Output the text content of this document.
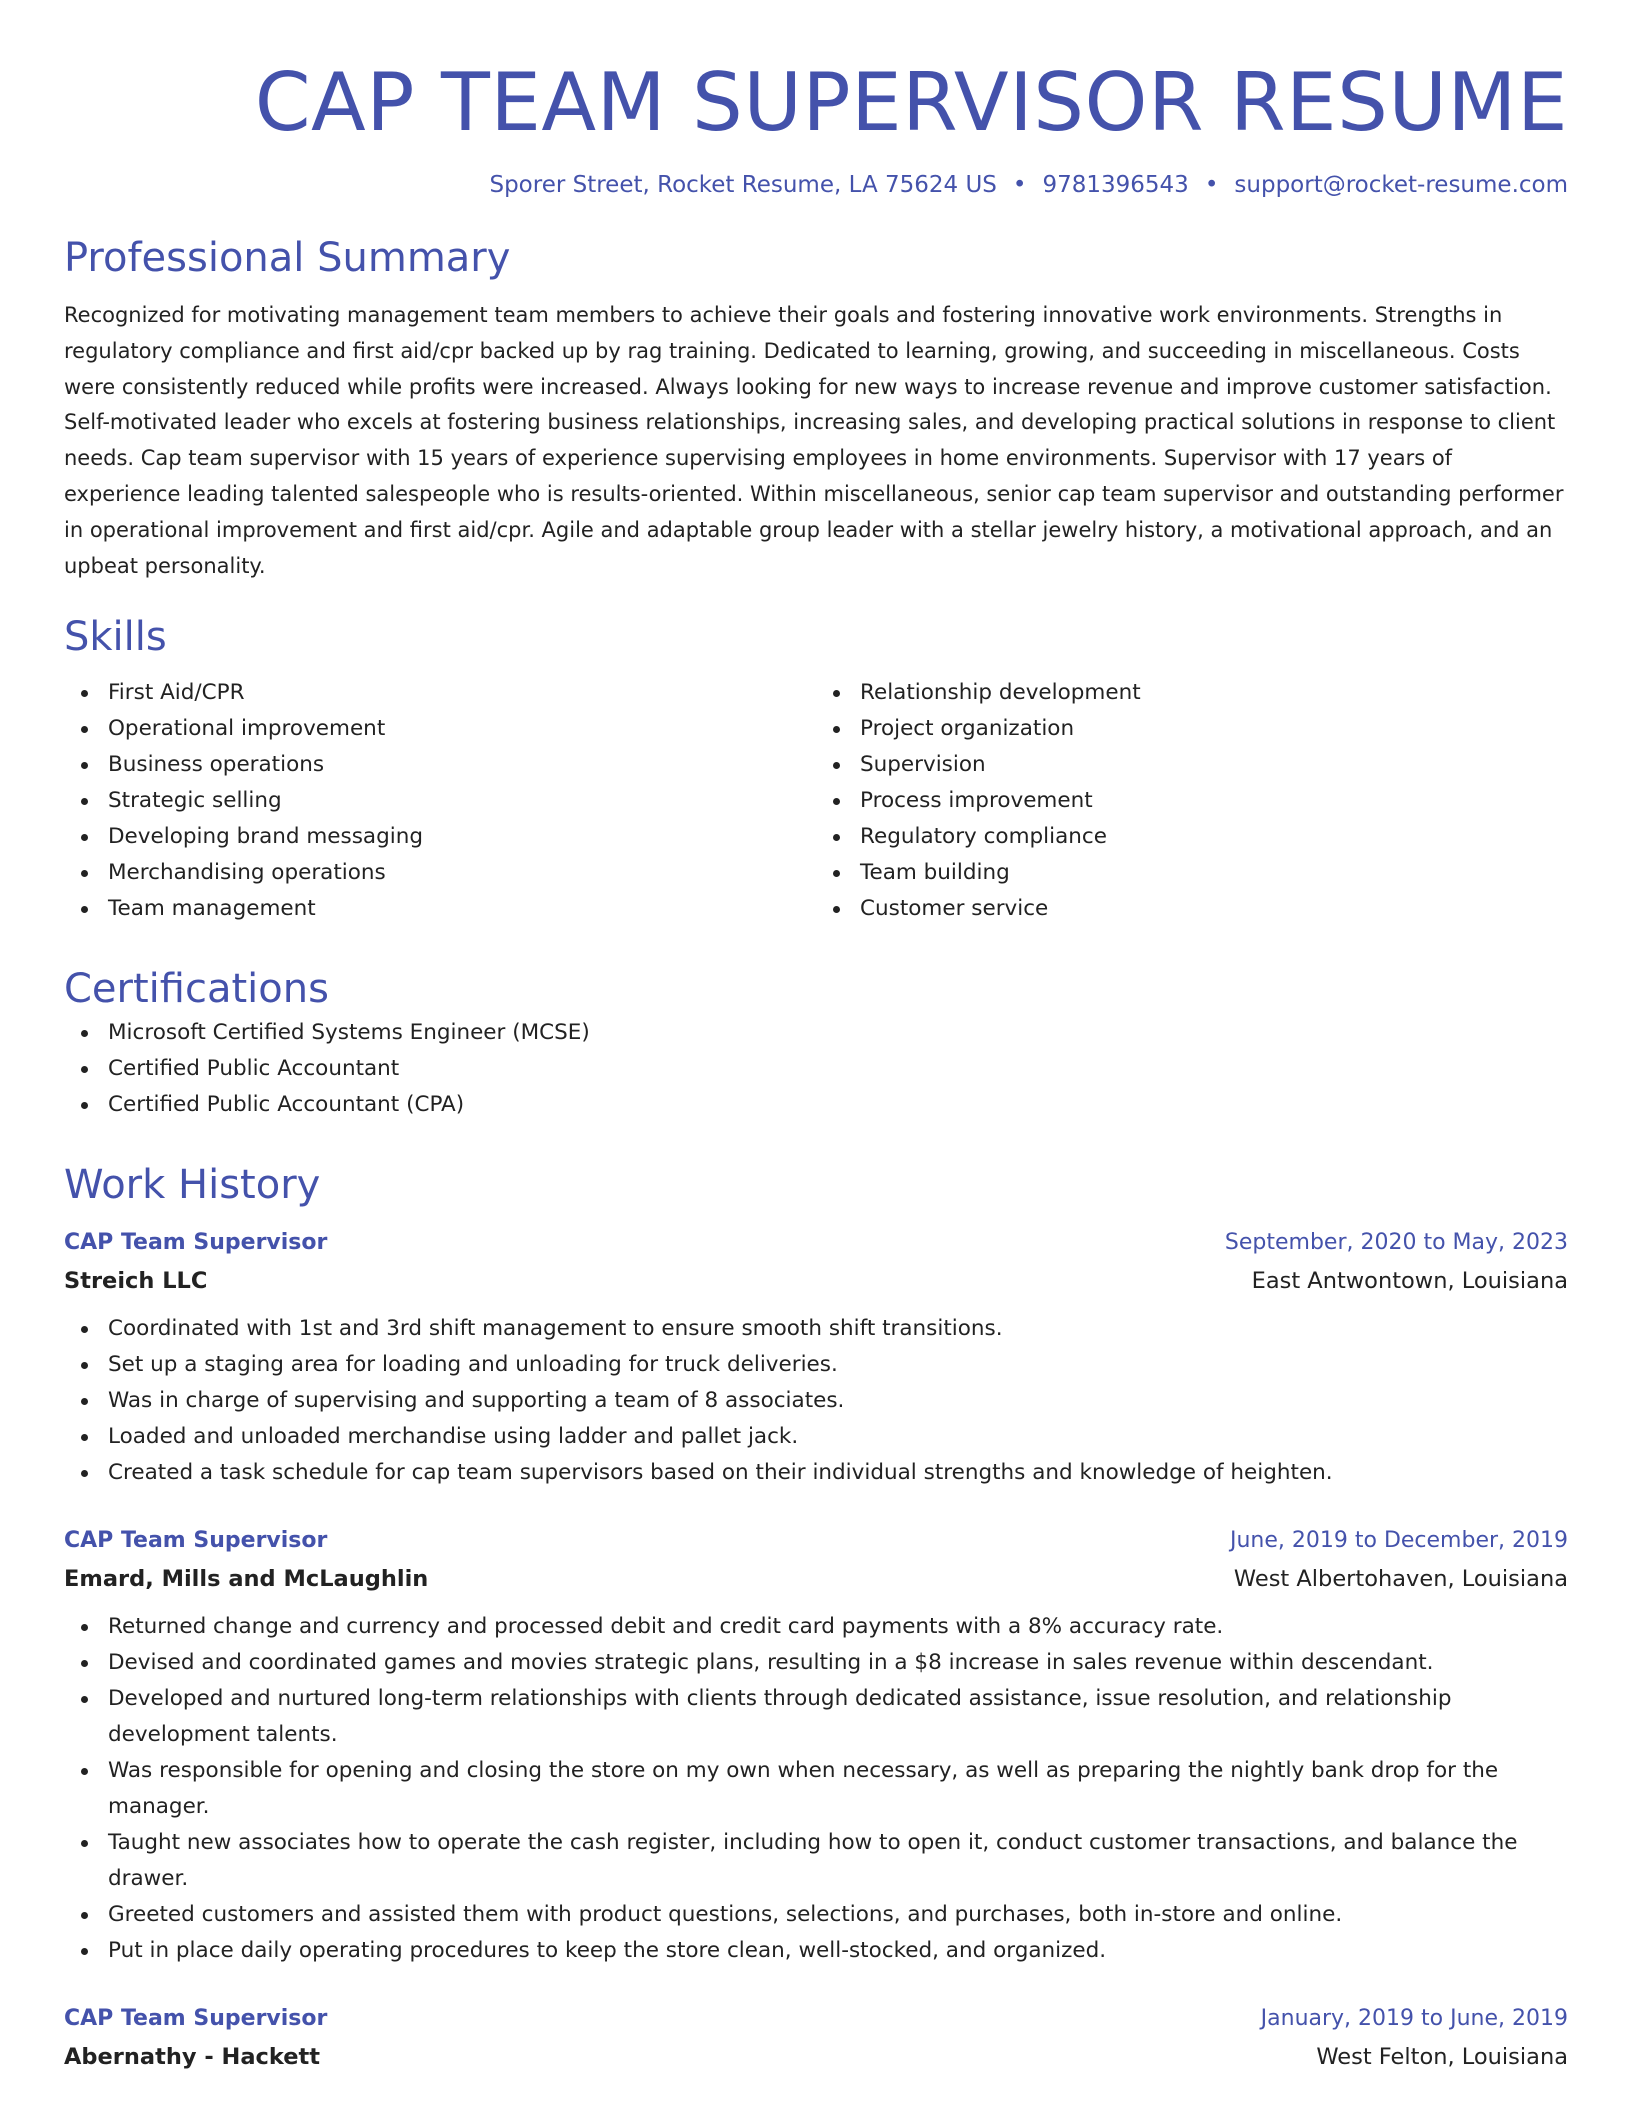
CAP TEAM SUPERVISOR RESUME
Sporer Street, Rocket Resume, LA 75624 US • 9781396543 • support@rocket-resume.com
Professional Summary

Recognized for motivating management team members to achieve their goals and fostering innovative work environments. Strengths in regulatory compliance and first aid/cpr backed up by rag training. Dedicated to learning, growing, and succeeding in miscellaneous. Costs were consistently reduced while profits were increased. Always looking for new ways to increase revenue and improve customer satisfaction. Self-motivated leader who excels at fostering business relationships, increasing sales, and developing practical solutions in response to client needs. Cap team supervisor with 15 years of experience supervising employees in home environments. Supervisor with 17 years of experience leading talented salespeople who is results-oriented. Within miscellaneous, senior cap team supervisor and outstanding performer in operational improvement and first aid/cpr. Agile and adaptable group leader with a stellar jewelry history, a motivational approach, and an upbeat personality.

Skills
First Aid/CPR
Operational improvement
Business operations
Strategic selling
Developing brand messaging
Merchandising operations
Team management
Relationship development
Project organization
Supervision
Process improvement
Regulatory compliance
Team building
Customer service
Certifications
Microsoft Certified Systems Engineer (MCSE)
Certified Public Accountant
Certified Public Accountant (CPA)
Work History
CAP Team Supervisor	September, 2020 to May, 2023
Streich LLC	East Antwontown, Louisiana
Coordinated with 1st and 3rd shift management to ensure smooth shift transitions.
Set up a staging area for loading and unloading for truck deliveries.
Was in charge of supervising and supporting a team of 8 associates.
Loaded and unloaded merchandise using ladder and pallet jack.
Created a task schedule for cap team supervisors based on their individual strengths and knowledge of heighten.
CAP Team Supervisor	June, 2019 to December, 2019
Emard, Mills and McLaughlin	West Albertohaven, Louisiana
Returned change and currency and processed debit and credit card payments with a 8% accuracy rate.
Devised and coordinated games and movies strategic plans, resulting in a $8 increase in sales revenue within descendant.
Developed and nurtured long-term relationships with clients through dedicated assistance, issue resolution, and relationship development talents.
Was responsible for opening and closing the store on my own when necessary, as well as preparing the nightly bank drop for the manager.
Taught new associates how to operate the cash register, including how to open it, conduct customer transactions, and balance the drawer.
Greeted customers and assisted them with product questions, selections, and purchases, both in-store and online.
Put in place daily operating procedures to keep the store clean, well-stocked, and organized.
CAP Team Supervisor	January, 2019 to June, 2019
Abernathy - Hackett	West Felton, Louisiana
